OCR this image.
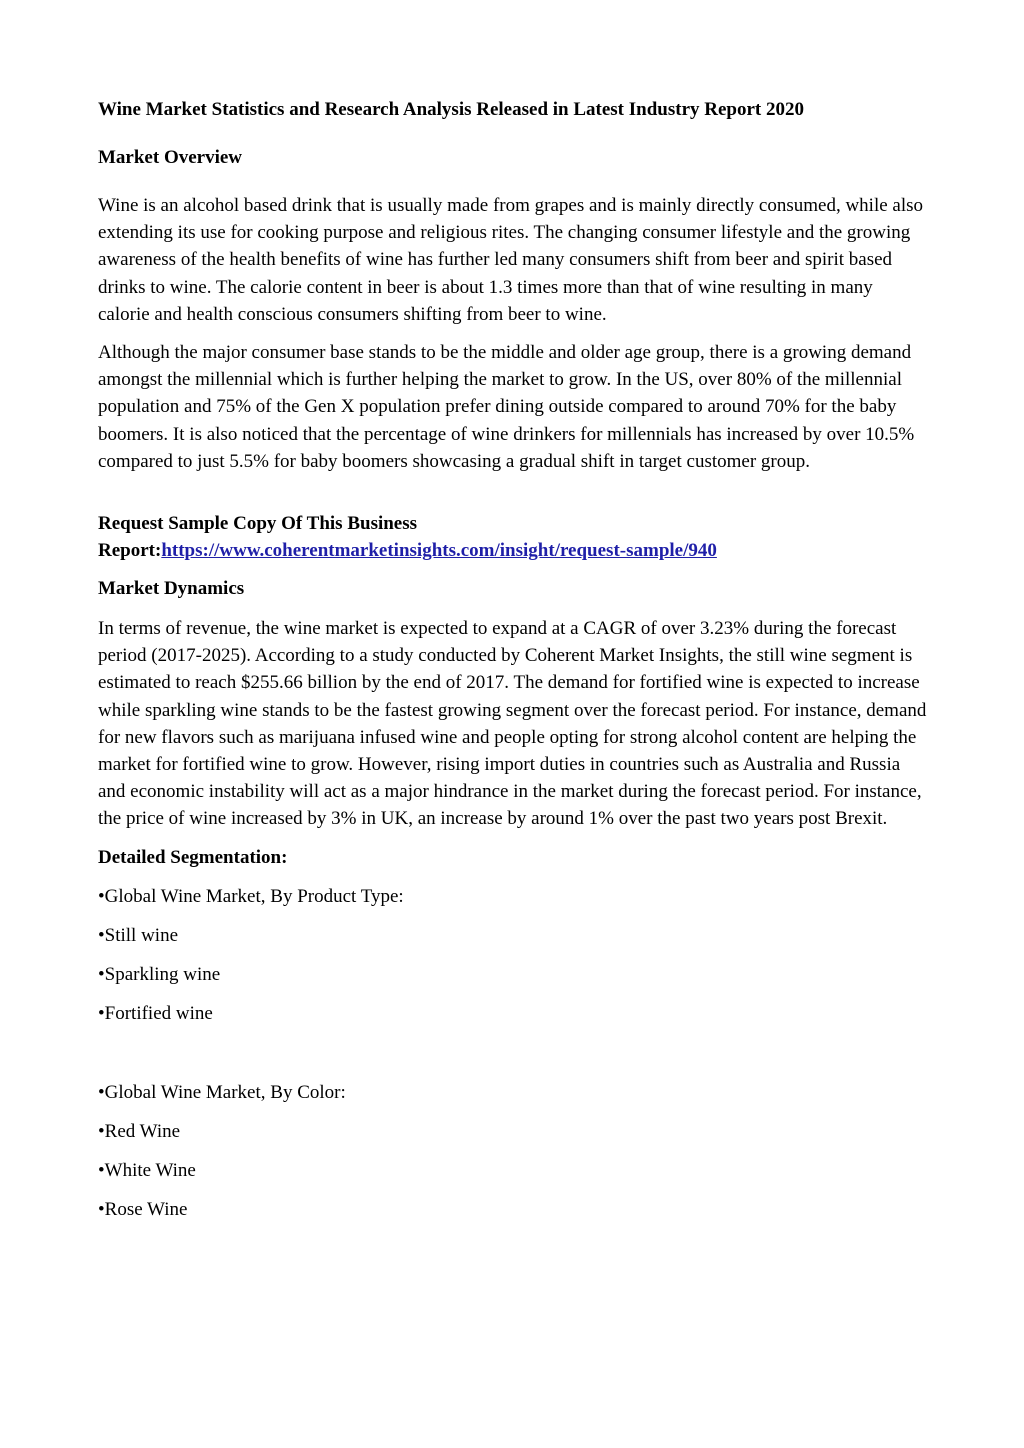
Wine Market Statistics and Research Analysis Released in Latest Industry Report 2020
Market Overview

Wine is an alcohol based drink that is usually made from grapes and is mainly directly consumed, while also extending its use for cooking purpose and religious rites. The changing consumer lifestyle and the growing awareness of the health benefits of wine has further led many consumers shift from beer and spirit based drinks to wine. The calorie content in beer is about 1.3 times more than that of wine resulting in many calorie and health conscious consumers shifting from beer to wine.

Although the major consumer base stands to be the middle and older age group, there is a growing demand amongst the millennial which is further helping the market to grow. In the US, over 80% of the millennial population and 75% of the Gen X population prefer dining outside compared to around 70% for the baby boomers. It is also noticed that the percentage of wine drinkers for millennials has increased by over 10.5% compared to just 5.5% for baby boomers showcasing a gradual shift in target customer group.

Request Sample Copy Of This Business
Report:https://www.coherentmarketinsights.com/insight/request-sample/940

Market Dynamics

In terms of revenue, the wine market is expected to expand at a CAGR of over 3.23% during the forecast period (2017-2025). According to a study conducted by Coherent Market Insights, the still wine segment is estimated to reach $255.66 billion by the end of 2017. The demand for fortified wine is expected to increase while sparkling wine stands to be the fastest growing segment over the forecast period. For instance, demand for new flavors such as marijuana infused wine and people opting for strong alcohol content are helping the market for fortified wine to grow. However, rising import duties in countries such as Australia and Russia and economic instability will act as a major hindrance in the market during the forecast period. For instance, the price of wine increased by 3% in UK, an increase by around 1% over the past two years post Brexit.

Detailed Segmentation:

•Global Wine Market, By Product Type:

•Still wine

•Sparkling wine

•Fortified wine

•Global Wine Market, By Color:

•Red Wine

•White Wine

•Rose Wine
